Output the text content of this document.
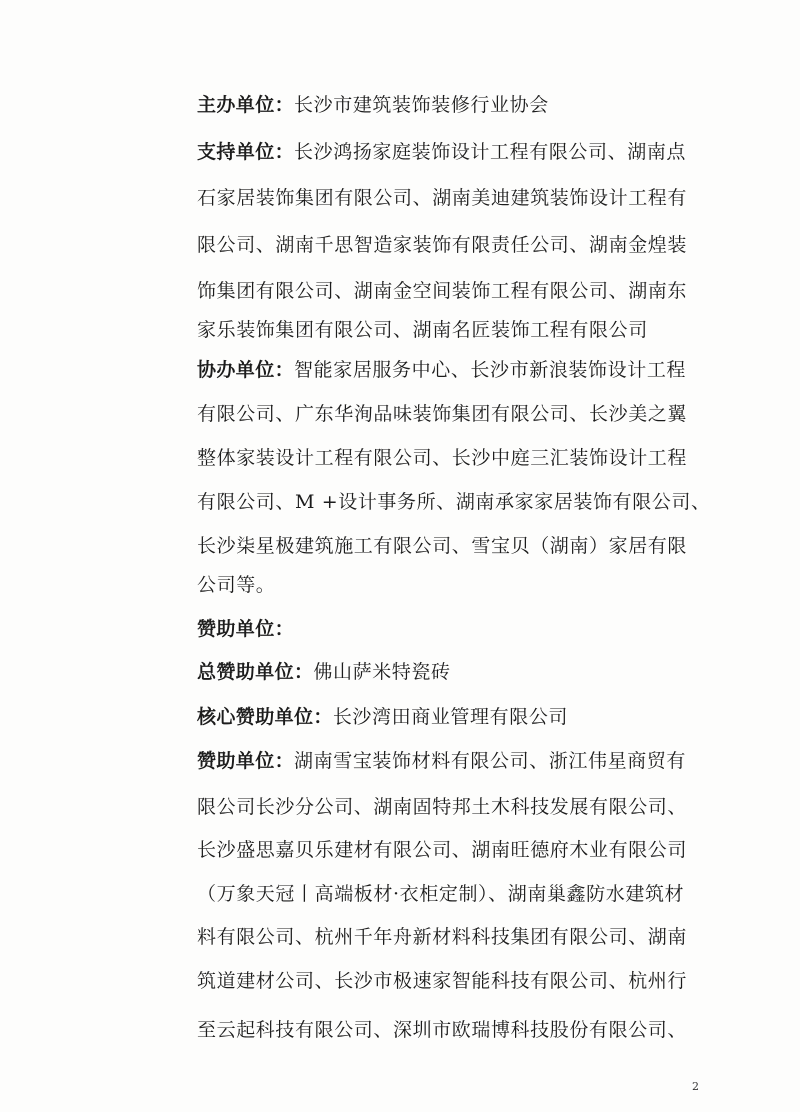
主办单位：长沙市建筑装饰装修行业协会
支持单位：长沙鸿扬家庭装饰设计工程有限公司、湖南点
石家居装饰集团有限公司、湖南美迪建筑装饰设计工程有
限公司、湖南千思智造家装饰有限责任公司、湖南金煌装
饰集团有限公司、湖南金空间装饰工程有限公司、湖南东
家乐装饰集团有限公司、湖南名匠装饰工程有限公司
协办单位：智能家居服务中心、长沙市新浪装饰设计工程
有限公司、广东华洵品味装饰集团有限公司、长沙美之翼
整体家装设计工程有限公司、长沙中庭三汇装饰设计工程
有限公司、M +设计事务所、湖南承家家居装饰有限公司、
长沙柒星极建筑施工有限公司、雪宝贝（湖南）家居有限
公司等。
赞助单位：
总赞助单位：佛山萨米特瓷砖
核心赞助单位：长沙湾田商业管理有限公司
赞助单位：湖南雪宝装饰材料有限公司、浙江伟星商贸有
限公司长沙分公司、湖南固特邦土木科技发展有限公司、
长沙盛思嘉贝乐建材有限公司、湖南旺德府木业有限公司
（万象天冠丨高端板材·衣柜定制）、湖南巢鑫防水建筑材
料有限公司、杭州千年舟新材料科技集团有限公司、湖南
筑道建材公司、长沙市极速家智能科技有限公司、杭州行
至云起科技有限公司、深圳市欧瑞博科技股份有限公司、
2
